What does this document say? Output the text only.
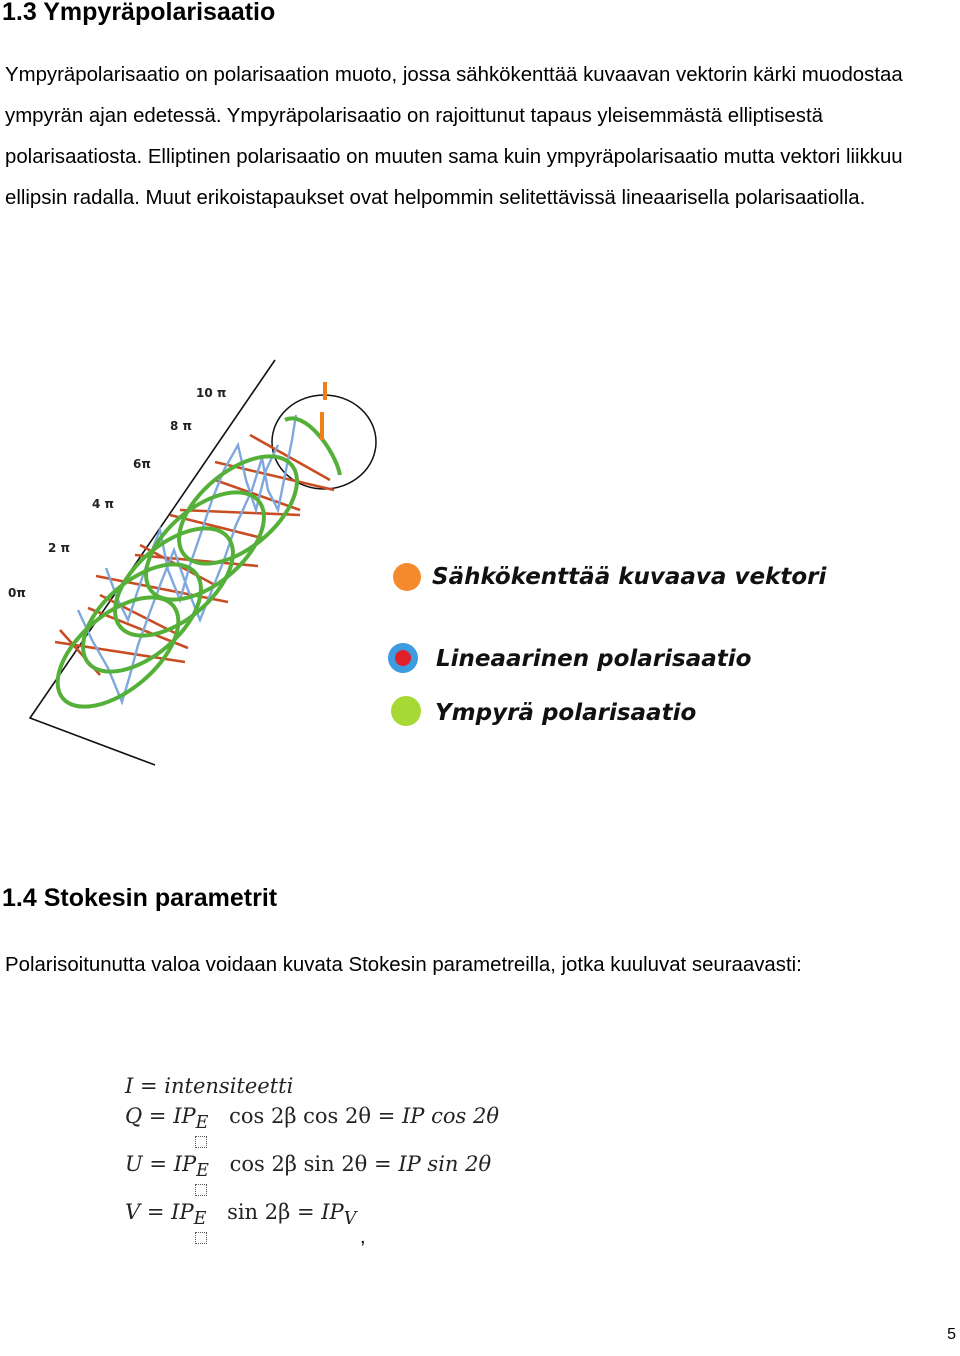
1.3 Ympyräpolarisaatio

Ympyräpolarisaatio on polarisaation muoto, jossa sähkökenttää kuvaavan vektorin kärki muodostaa ympyrän ajan edetessä. Ympyräpolarisaatio on rajoittunut tapaus yleisemmästä elliptisestä polarisaatiosta. Elliptinen polarisaatio on muuten sama kuin ympyräpolarisaatio mutta vektori liikkuu ellipsin radalla. Muut erikoistapaukset ovat helpommin selitettävissä lineaarisella polarisaatiolla.

0π
2 π
4 π
6π
8 π
10 π
Sähkökenttää kuvaava vektori
Lineaarinen polarisaatio
Ympyrä polarisaatio
1.4 Stokesin parametrit

Polarisoitunutta valoa voidaan kuvata Stokesin parametreilla, jotka kuuluvat seuraavasti:

I = intensiteetti
$Q = IP_E$ cos 2β cos 2θ = IP cos 2θ
$U = IP_E$ cos 2β sin 2θ = IP sin 2θ
$V = IP_E$ $\sin 2\beta = IP_V$
,
5
